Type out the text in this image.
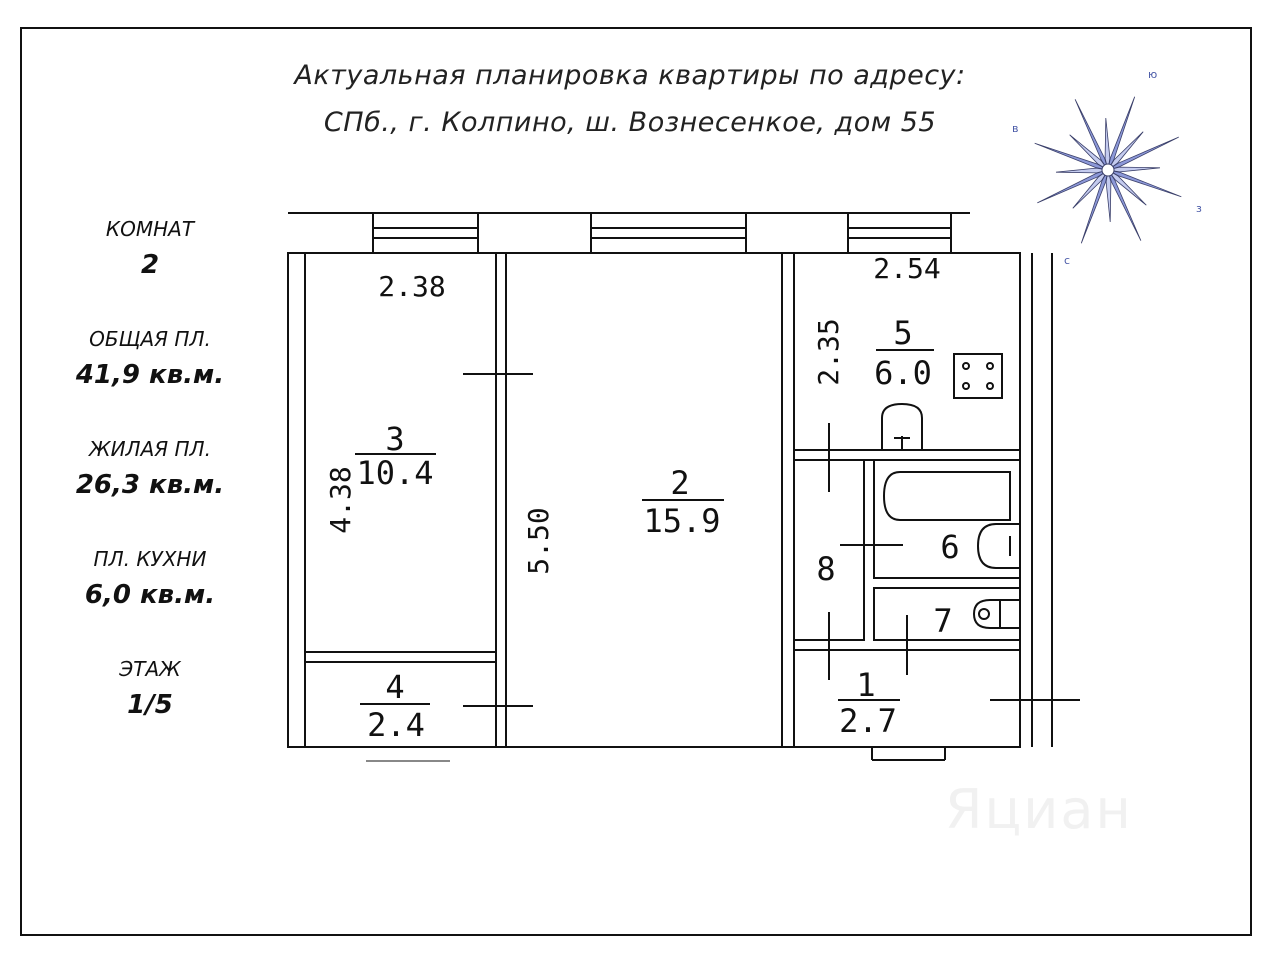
Актуальная планировка квартиры по адресу:
СПб., г. Колпино, ш. Вознесенкое, дом 55
КОМНАТ
2
ОБЩАЯ ПЛ.
41,9 кв.м.
ЖИЛАЯ ПЛ.
26,3 кв.м.
ПЛ. КУХНИ
6,0 кв.м.
ЭТАЖ
1/5
Яциан
3
10.4	2
15.9
4
2.4
5
6.0
6
7
8
1
2.7
2.38
2.54
4.38
5.50
2.35
ю
в
з
с
